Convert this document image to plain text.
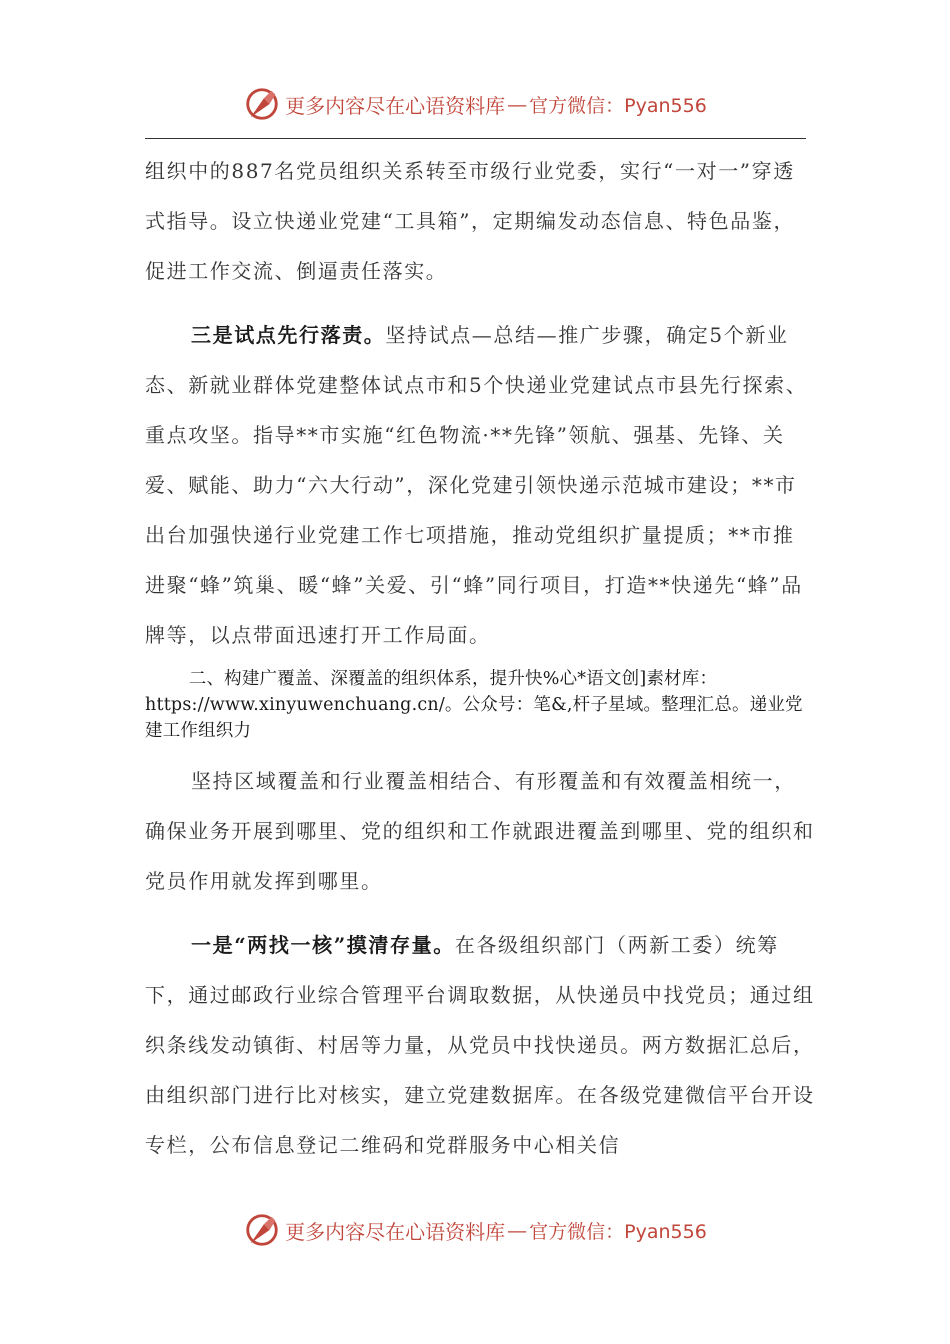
更多内容尽在心语资料库 — 官方微信：Pyan556

组织中的887名党员组织关系转至市级行业党委，实行“一对一”穿透式指导。设立快递业党建“工具箱”，定期编发动态信息、特色品鉴，促进工作交流、倒逼责任落实。

三是试点先行落责。坚持试点—总结—推广步骤，确定5个新业态、新就业群体党建整体试点市和5个快递业党建试点市县先行探索、重点攻坚。指导**市实施“红色物流·**先锋”领航、强基、先锋、关爱、赋能、助力“六大行动”，深化党建引领快递示范城市建设；**市出台加强快递行业党建工作七项措施，推动党组织扩量提质；**市推进聚“蜂”筑巢、暖“蜂”关爱、引“蜂”同行项目，打造**快递先“蜂”品牌等，以点带面迅速打开工作局面。

二、构建广覆盖、深覆盖的组织体系，提升快%心*语文创]素材库：https://www.xinyuwenchuang.cn/。公众号：笔&,杆子星域。整理汇总。递业党建工作组织力

坚持区域覆盖和行业覆盖相结合、有形覆盖和有效覆盖相统一，确保业务开展到哪里、党的组织和工作就跟进覆盖到哪里、党的组织和党员作用就发挥到哪里。

一是“两找一核”摸清存量。在各级组织部门（两新工委）统筹下，通过邮政行业综合管理平台调取数据，从快递员中找党员；通过组织条线发动镇街、村居等力量，从党员中找快递员。两方数据汇总后，由组织部门进行比对核实，建立党建数据库。在各级党建微信平台开设专栏，公布信息登记二维码和党群服务中心相关信

更多内容尽在心语资料库 — 官方微信：Pyan556
